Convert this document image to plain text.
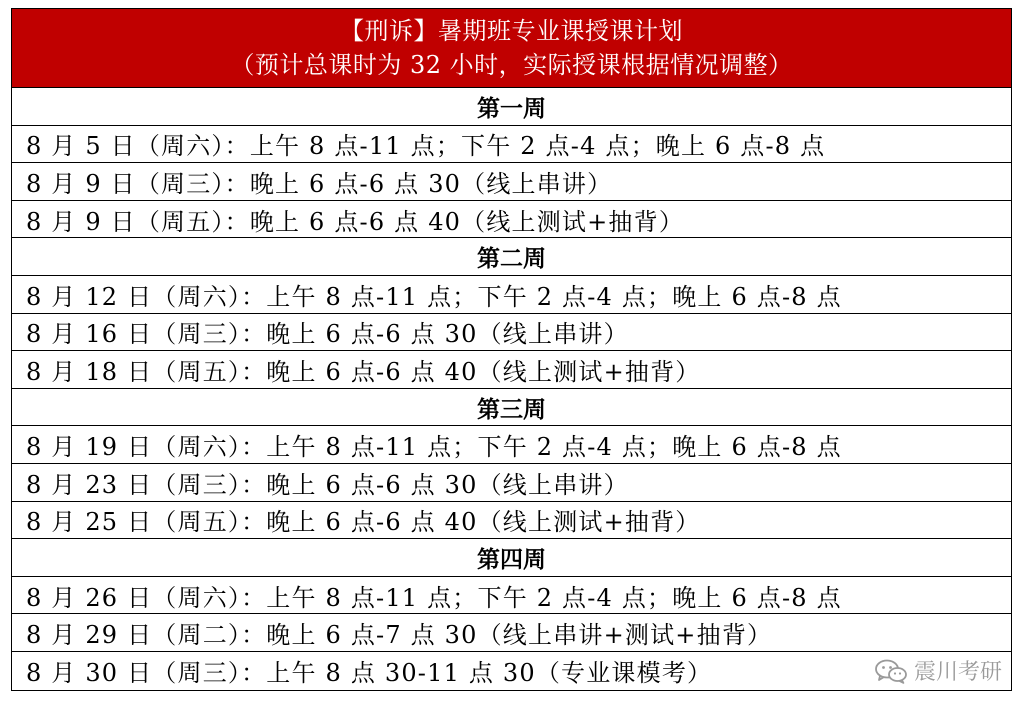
【刑诉】暑期班专业课授课计划
（预计总课时为 32 小时，实际授课根据情况调整）
第一周
8 月 5 日（周六）：上午 8 点-11 点；下午 2 点-4 点；晚上 6 点-8 点
8 月 9 日（周三）：晚上 6 点-6 点 30（线上串讲）
8 月 9 日（周五）：晚上 6 点-6 点 40（线上测试+抽背）
第二周
8 月 12 日（周六）：上午 8 点-11 点；下午 2 点-4 点；晚上 6 点-8 点
8 月 16 日（周三）：晚上 6 点-6 点 30（线上串讲）
8 月 18 日（周五）：晚上 6 点-6 点 40（线上测试+抽背）
第三周
8 月 19 日（周六）：上午 8 点-11 点；下午 2 点-4 点；晚上 6 点-8 点
8 月 23 日（周三）：晚上 6 点-6 点 30（线上串讲）
8 月 25 日（周五）：晚上 6 点-6 点 40（线上测试+抽背）
第四周
8 月 26 日（周六）：上午 8 点-11 点；下午 2 点-4 点；晚上 6 点-8 点
8 月 29 日（周二）：晚上 6 点-7 点 30（线上串讲+测试+抽背）
8 月 30 日（周三）：上午 8 点 30-11 点 30（专业课模考）	震川考研
